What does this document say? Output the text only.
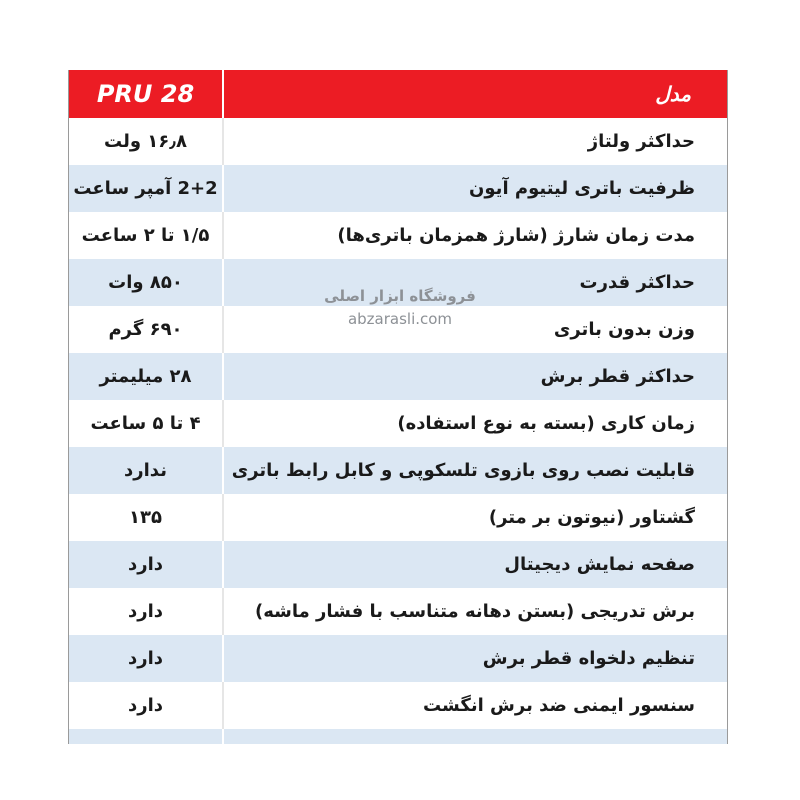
PRU 28	مدل
۱۶٫۸ ولت	حداکثر ولتاژ
2+2 آمپر ساعت	ظرفیت باتری لیتیوم آیون
۱/۵ تا ۲ ساعت	مدت زمان شارژ (شارژ همزمان باتری‌ها)
۸۵۰ وات	حداکثر قدرت
۶۹۰ گرم	وزن بدون باتری
۲۸ میلیمتر	حداکثر قطر برش
۴ تا ۵ ساعت	زمان کاری (بسته به نوع استفاده)
ندارد	قابلیت نصب روی بازوی تلسکوپی و کابل رابط باتری
۱۳۵	گشتاور (نیوتون بر متر)
دارد	صفحه نمایش دیجیتال
دارد	برش تدریجی (بستن دهانه متناسب با فشار ماشه)
دارد	تنظیم دلخواه قطر برش
دارد	سنسور ایمنی ضد برش انگشت
فروشگاه ابزار اصلی
abzarasli.com
